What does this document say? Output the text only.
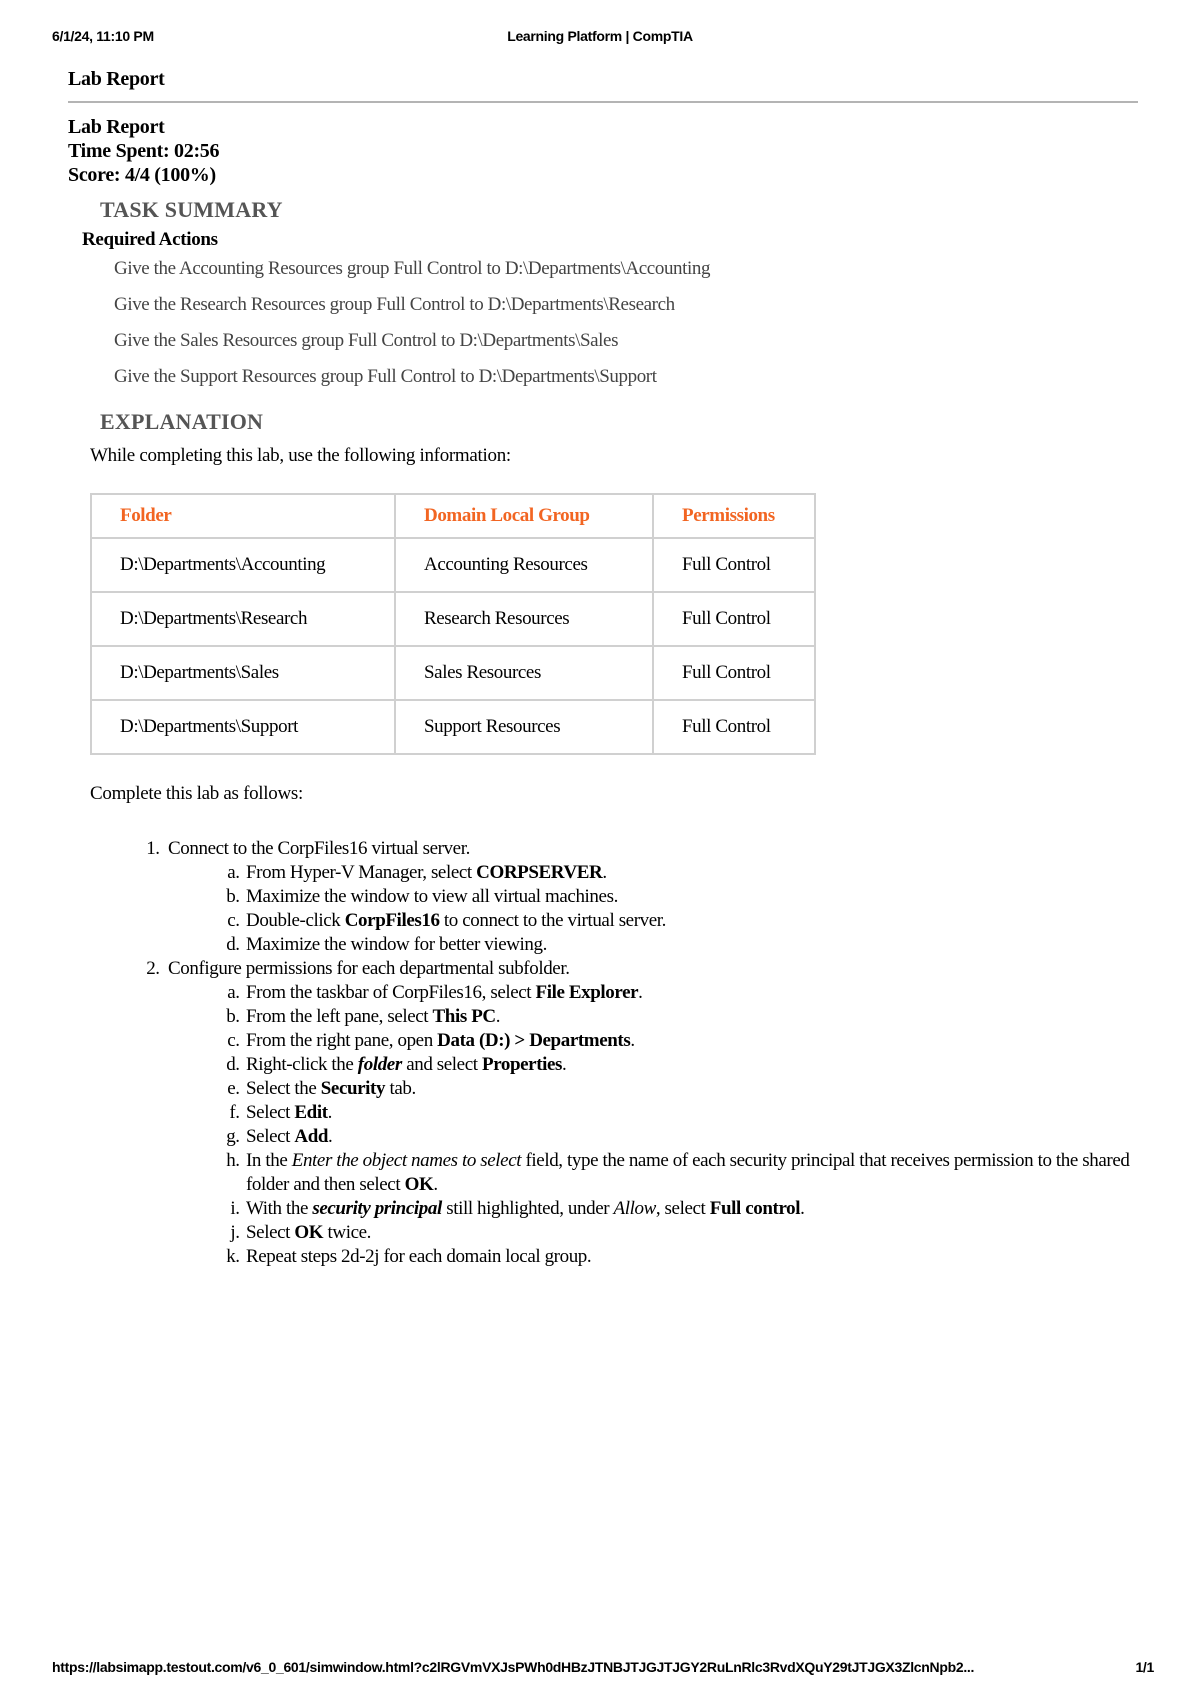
6/1/24, 11:10 PM	Learning Platform | CompTIA
Lab Report
Lab Report
Time Spent: 02:56
Score: 4/4 (100%)
TASK SUMMARY
Required Actions
Give the Accounting Resources group Full Control to D:\Departments\Accounting
Give the Research Resources group Full Control to D:\Departments\Research
Give the Sales Resources group Full Control to D:\Departments\Sales
Give the Support Resources group Full Control to D:\Departments\Support
EXPLANATION
While completing this lab, use the following information:
Folder	Domain Local Group	Permissions
D:\Departments\Accounting	Accounting Resources	Full Control
D:\Departments\Research	Research Resources	Full Control
D:\Departments\Sales	Sales Resources	Full Control
D:\Departments\Support	Support Resources	Full Control
Complete this lab as follows:
1. Connect to the CorpFiles16 virtual server.
a. From Hyper-V Manager, select CORPSERVER.
b. Maximize the window to view all virtual machines.
c. Double-click CorpFiles16 to connect to the virtual server.
d. Maximize the window for better viewing.
2. Configure permissions for each departmental subfolder.
a. From the taskbar of CorpFiles16, select File Explorer.
b. From the left pane, select This PC.
c. From the right pane, open Data (D:) > Departments.
d. Right-click the folder and select Properties.
e. Select the Security tab.
f. Select Edit.
g. Select Add.
h. In the Enter the object names to select field, type the name of each security principal that receives permission to the shared folder and then select OK.
i. With the security principal still highlighted, under Allow, select Full control.
j. Select OK twice.
k. Repeat steps 2d-2j for each domain local group.
https://labsimapp.testout.com/v6_0_601/simwindow.html?c2lRGVmVXJsPWh0dHBzJTNBJTJGJTJGY2RuLnRlc3RvdXQuY29tJTJGX3ZlcnNpb2...	1/1
